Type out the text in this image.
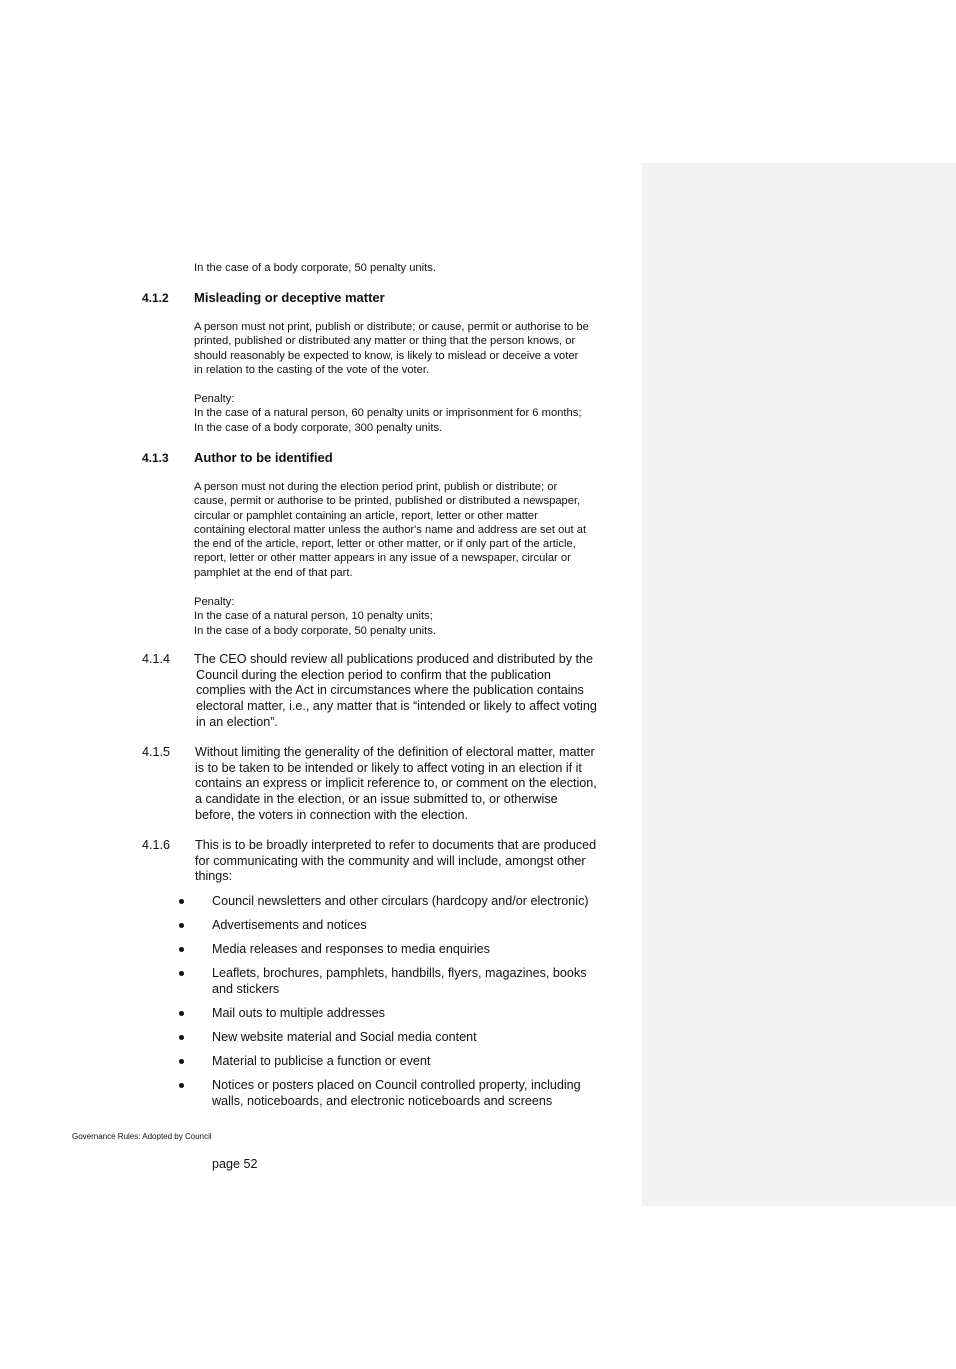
In the case of a body corporate, 50 penalty units.
4.1.2 Misleading or deceptive matter
A person must not print, publish or distribute; or cause, permit or authorise to be
printed, published or distributed any matter or thing that the person knows, or
should reasonably be expected to know, is likely to mislead or deceive a voter
in relation to the casting of the vote of the voter.
Penalty:
In the case of a natural person, 60 penalty units or imprisonment for 6 months;
In the case of a body corporate, 300 penalty units.
4.1.3 Author to be identified
A person must not during the election period print, publish or distribute; or
cause, permit or authorise to be printed, published or distributed a newspaper,
circular or pamphlet containing an article, report, letter or other matter
containing electoral matter unless the author's name and address are set out at
the end of the article, report, letter or other matter, or if only part of the article,
report, letter or other matter appears in any issue of a newspaper, circular or
pamphlet at the end of that part.
Penalty:
In the case of a natural person, 10 penalty units;
In the case of a body corporate, 50 penalty units.
4.1.4 The CEO should review all publications produced and distributed by the
Council during the election period to confirm that the publication
complies with the Act in circumstances where the publication contains
electoral matter, i.e., any matter that is “intended or likely to affect voting
in an election”.
4.1.5 Without limiting the generality of the definition of electoral matter, matter
is to be taken to be intended or likely to affect voting in an election if it
contains an express or implicit reference to, or comment on the election,
a candidate in the election, or an issue submitted to, or otherwise
before, the voters in connection with the election.
4.1.6 This is to be broadly interpreted to refer to documents that are produced
for communicating with the community and will include, amongst other
things:
Council newsletters and other circulars (hardcopy and/or electronic)
Advertisements and notices
Media releases and responses to media enquiries
Leaflets, brochures, pamphlets, handbills, flyers, magazines, books
and stickers
Mail outs to multiple addresses
New website material and Social media content
Material to publicise a function or event
Notices or posters placed on Council controlled property, including
walls, noticeboards, and electronic noticeboards and screens
Governance Rules: Adopted by Council
page 52
